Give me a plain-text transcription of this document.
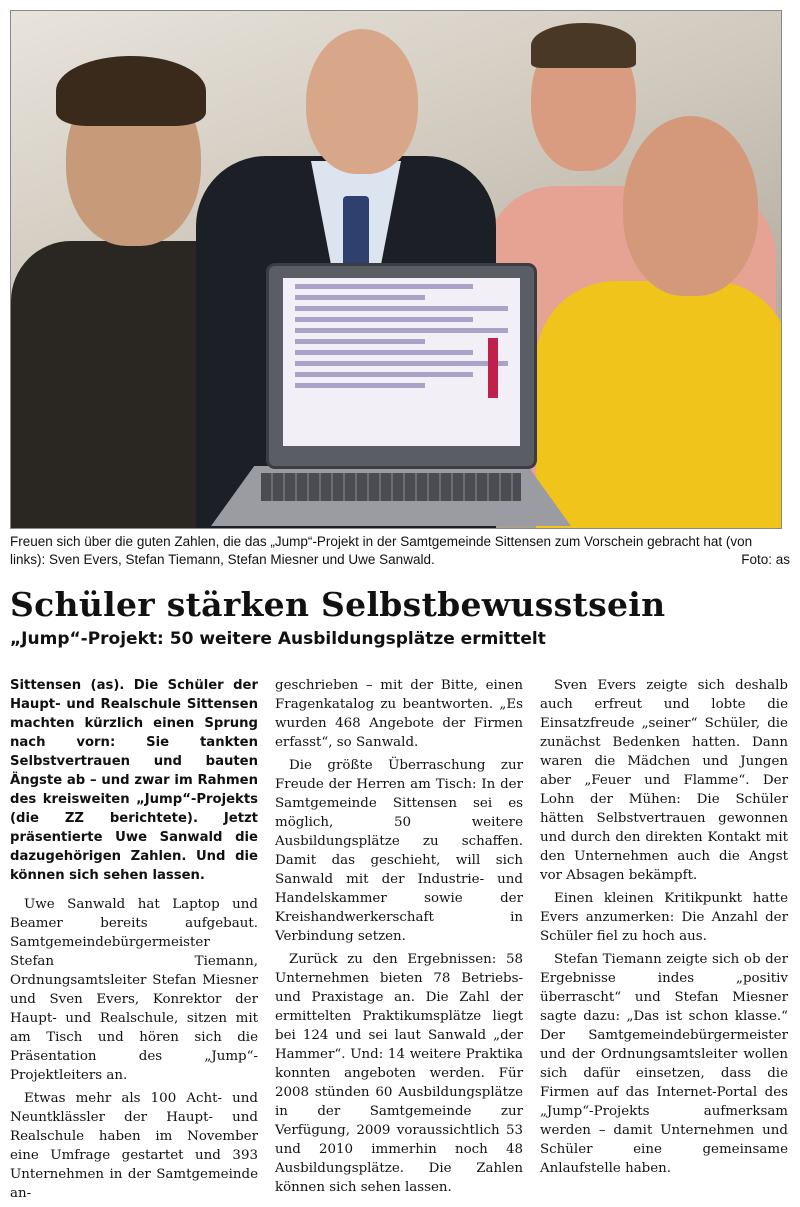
Freuen sich über die guten Zahlen, die das „Jump“-Projekt in der Samtgemeinde Sittensen zum Vorschein gebracht hat (von links): Sven Evers, Stefan Tiemann, Stefan Miesner und Uwe Sanwald.	Foto: as
Schüler stärken Selbstbewusstsein
„Jump“-Projekt: 50 weitere Ausbildungsplätze ermittelt

Sittensen (as). Die Schüler der Haupt- und Realschule Sittensen machten kürzlich einen Sprung nach vorn: Sie tankten Selbstvertrauen und bauten Ängste ab – und zwar im Rahmen des kreisweiten „Jump“-Projekts (die ZZ berichtete). Jetzt präsentierte Uwe Sanwald die dazugehörigen Zahlen. Und die können sich sehen lassen.

Uwe Sanwald hat Laptop und Beamer bereits aufgebaut. Samtgemeindebürgermeister Stefan Tiemann, Ordnungsamtsleiter Stefan Miesner und Sven Evers, Konrektor der Haupt- und Realschule, sitzen mit am Tisch und hören sich die Präsentation des „Jump“-Projektleiters an.

Etwas mehr als 100 Acht- und Neuntklässler der Haupt- und Realschule haben im November eine Umfrage gestartet und 393 Unternehmen in der Samtgemeinde an-

geschrieben – mit der Bitte, einen Fragenkatalog zu beantworten. „Es wurden 468 Angebote der Firmen erfasst“, so Sanwald.

Die größte Überraschung zur Freude der Herren am Tisch: In der Samtgemeinde Sittensen sei es möglich, 50 weitere Ausbildungsplätze zu schaffen. Damit das geschieht, will sich Sanwald mit der Industrie- und Handelskammer sowie der Kreishandwerkerschaft in Verbindung setzen.

Zurück zu den Ergebnissen: 58 Unternehmen bieten 78 Betriebs- und Praxistage an. Die Zahl der ermittelten Praktikumsplätze liegt bei 124 und sei laut Sanwald „der Hammer“. Und: 14 weitere Praktika konnten angeboten werden. Für 2008 stünden 60 Ausbildungsplätze in der Samtgemeinde zur Verfügung, 2009 voraussichtlich 53 und 2010 immerhin noch 48 Ausbildungsplätze. Die Zahlen können sich sehen lassen.

Sven Evers zeigte sich deshalb auch erfreut und lobte die Einsatzfreude „seiner“ Schüler, die zunächst Bedenken hatten. Dann waren die Mädchen und Jungen aber „Feuer und Flamme“. Der Lohn der Mühen: Die Schüler hätten Selbstvertrauen gewonnen und durch den direkten Kontakt mit den Unternehmen auch die Angst vor Absagen bekämpft.

Einen kleinen Kritikpunkt hatte Evers anzumerken: Die Anzahl der Schüler fiel zu hoch aus.

Stefan Tiemann zeigte sich ob der Ergebnisse indes „positiv überrascht“ und Stefan Miesner sagte dazu: „Das ist schon klasse.“ Der Samtgemeindebürgermeister und der Ordnungsamtsleiter wollen sich dafür einsetzen, dass die Firmen auf das Internet-Portal des „Jump“-Projekts aufmerksam werden – damit Unternehmen und Schüler eine gemeinsame Anlaufstelle haben.
